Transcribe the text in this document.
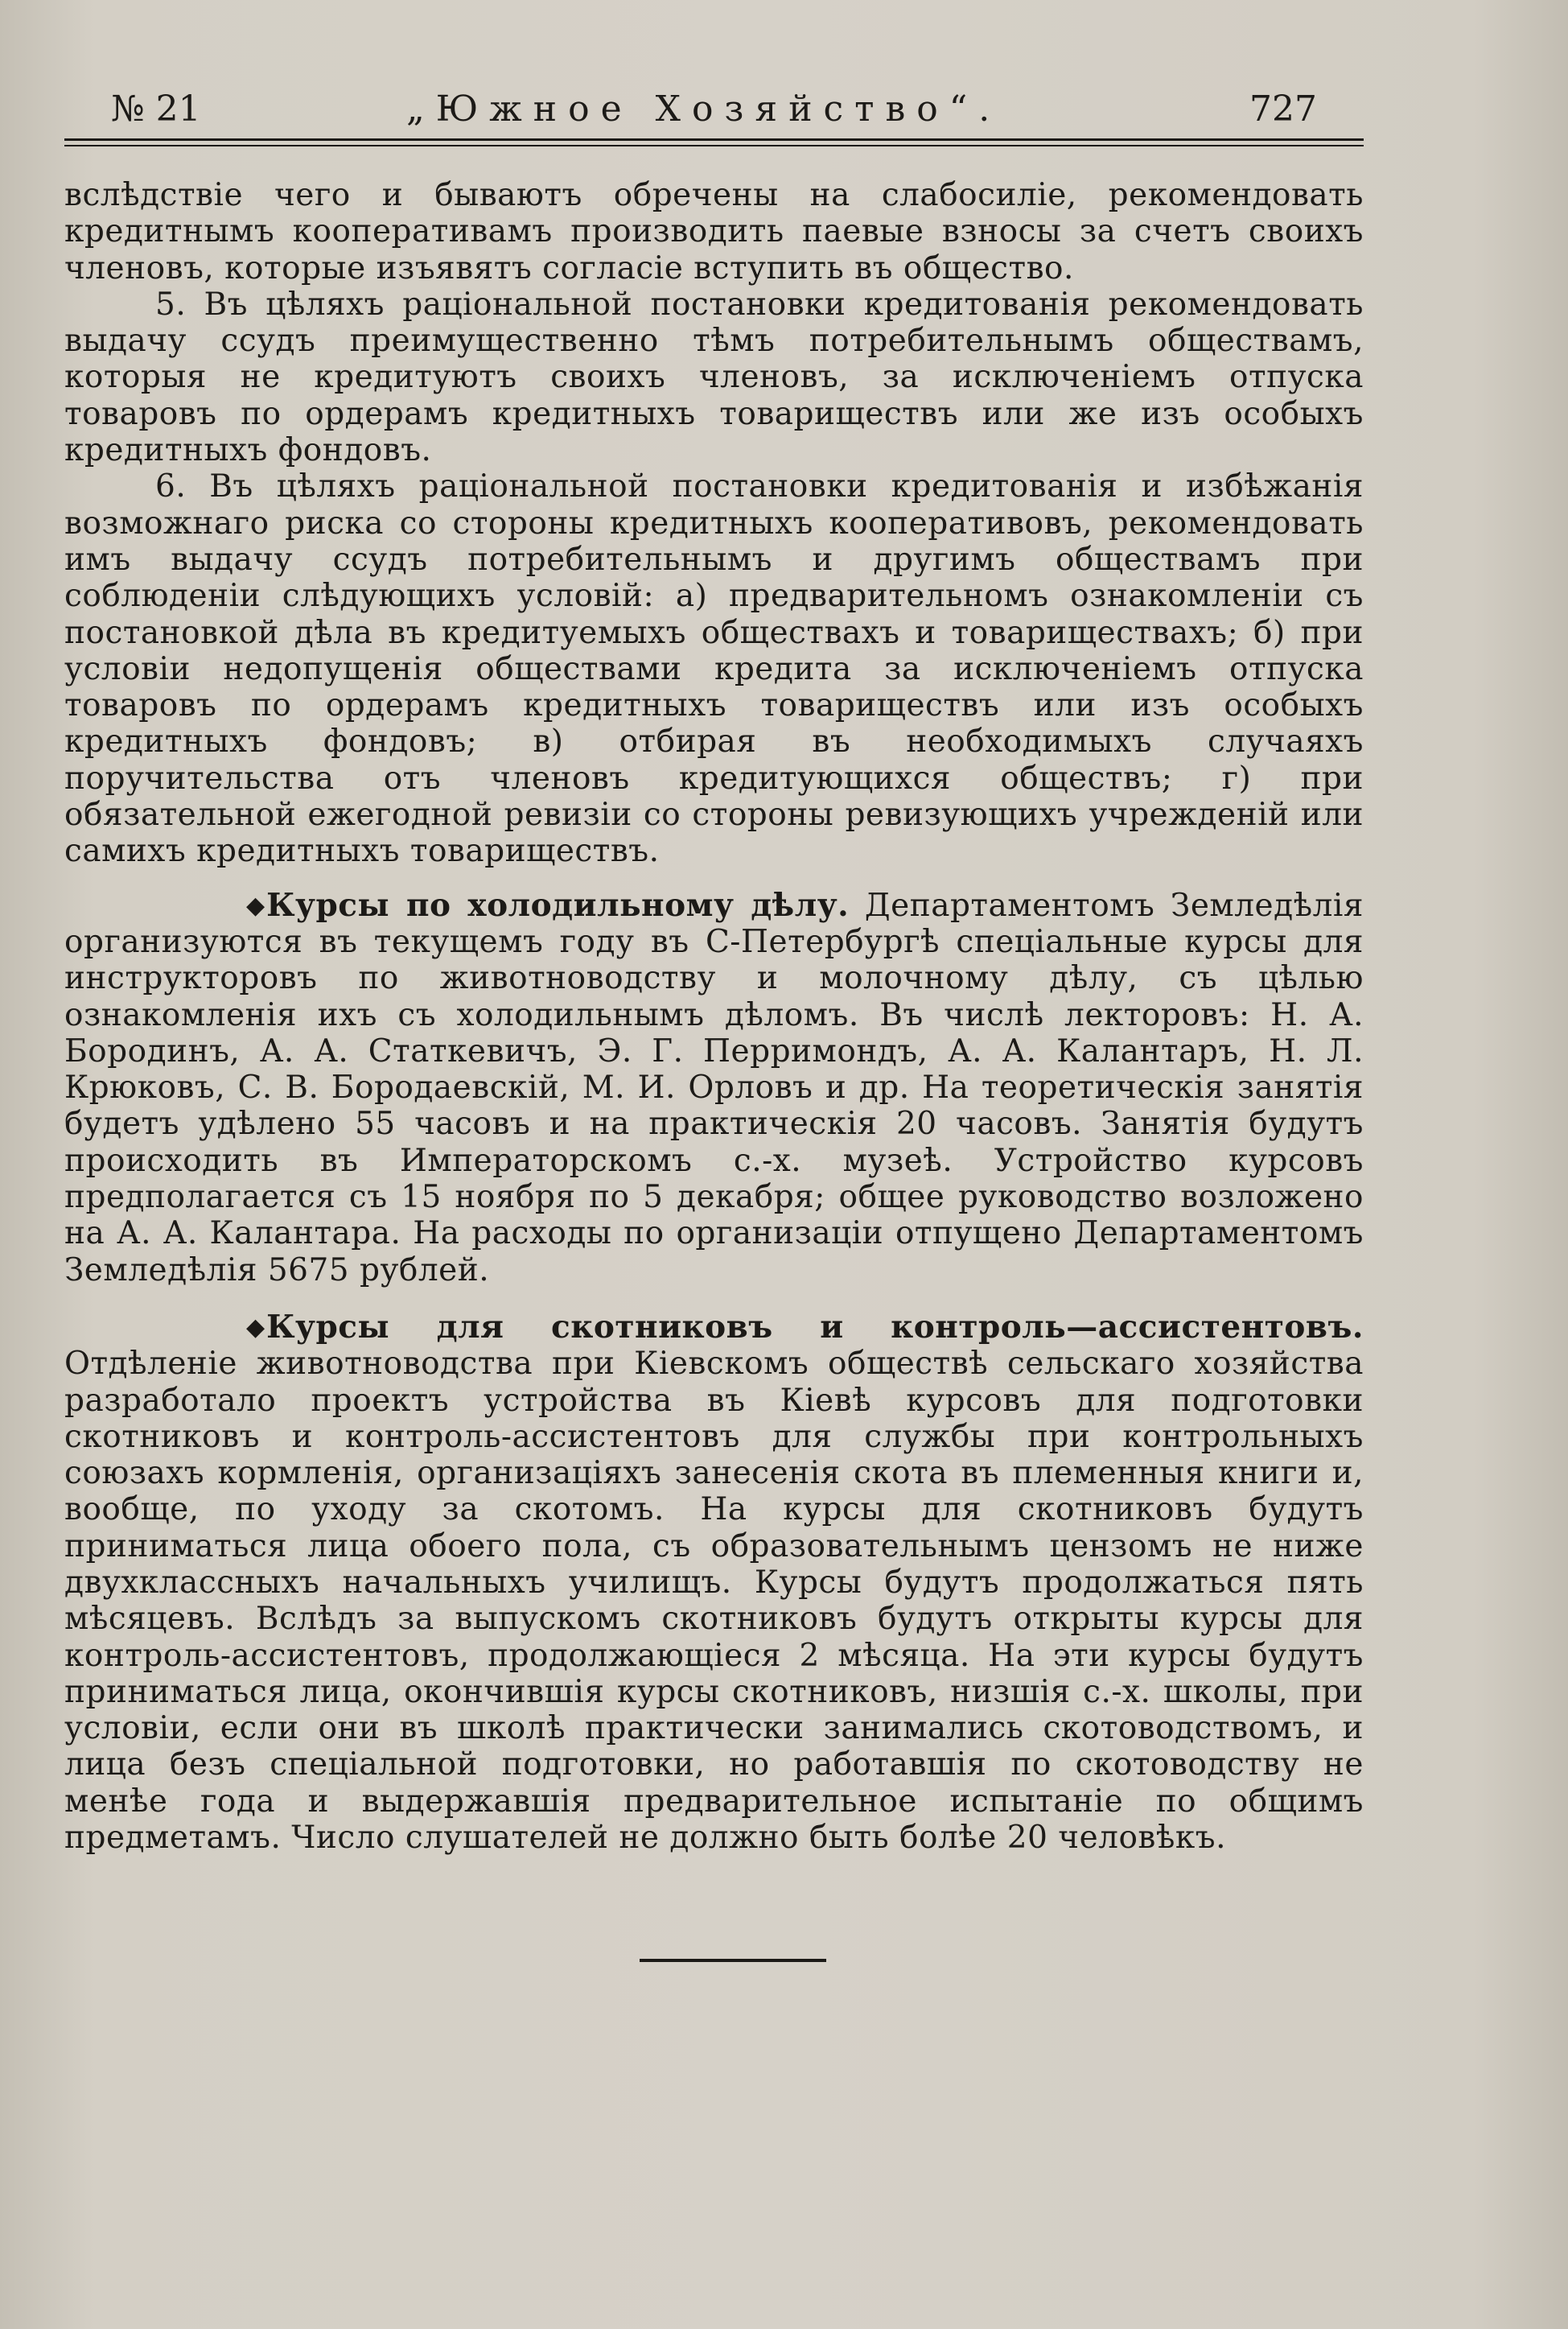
№ 21	„Южное Хозяйство“.	727

вслѣдствіе чего и бываютъ обречены на слабосиліе, рекомендовать кредитнымъ кооперативамъ производить паевые взносы за счетъ своихъ членовъ, которые изъявятъ согласіе вступить въ общество.

5. Въ цѣляхъ раціональной постановки кредитованія рекомендовать выдачу ссудъ преимущественно тѣмъ потребительнымъ обществамъ, которыя не кредитуютъ своихъ членовъ, за исключеніемъ отпуска товаровъ по ордерамъ кредитныхъ товариществъ или же изъ особыхъ кредитныхъ фондовъ.

6. Въ цѣляхъ раціональной постановки кредитованія и избѣжанія возможнаго риска со стороны кредитныхъ кооперативовъ, рекомендовать имъ выдачу ссудъ потребительнымъ и другимъ обществамъ при соблюденіи слѣдующихъ условій: а) предварительномъ ознакомленіи съ постановкой дѣла въ кредитуемыхъ обществахъ и товариществахъ; б) при условіи недопущенія обществами кредита за исключеніемъ отпуска товаровъ по ордерамъ кредитныхъ товариществъ или изъ особыхъ кредитныхъ фондовъ; в) отбирая въ необходимыхъ случаяхъ поручительства отъ членовъ кредитующихся обществъ; г) при обязательной ежегодной ревизіи со стороны ревизующихъ учрежденій или самихъ кредитныхъ товариществъ.

◆ Курсы по холодильному дѣлу. Департаментомъ Земледѣлія организуются въ текущемъ году въ С-Петербургѣ спеціальные курсы для инструкторовъ по животноводству и молочному дѣлу, съ цѣлью ознакомленія ихъ съ холодильнымъ дѣломъ. Въ числѣ лекторовъ: Н. А. Бородинъ, А. А. Статкевичъ, Э. Г. Перримондъ, А. А. Калантаръ, Н. Л. Крюковъ, С. В. Бородаевскій, М. И. Орловъ и др. На теоретическія занятія будетъ удѣлено 55 часовъ и на практическія 20 часовъ. Занятія будутъ происходить въ Императорскомъ с.-х. музеѣ. Устройство курсовъ предполагается съ 15 ноября по 5 декабря; общее руководство возложено на А. А. Калантара. На расходы по организаціи отпущено Департаментомъ Земледѣлія 5675 рублей.

◆ Курсы для скотниковъ и контроль—ассистентовъ. Отдѣленіе животноводства при Кіевскомъ обществѣ сельскаго хозяйства разработало проектъ устройства въ Кіевѣ курсовъ для подготовки скотниковъ и контроль-ассистентовъ для службы при контрольныхъ союзахъ кормленія, организаціяхъ занесенія скота въ племенныя книги и, вообще, по уходу за скотомъ. На курсы для скотниковъ будутъ приниматься лица обоего пола, съ образовательнымъ цензомъ не ниже двухклассныхъ начальныхъ училищъ. Курсы будутъ продолжаться пять мѣсяцевъ. Вслѣдъ за выпускомъ скотниковъ будутъ открыты курсы для контроль-ассистентовъ, продолжающіеся 2 мѣсяца. На эти курсы будутъ приниматься лица, окончившія курсы скотниковъ, низшія с.-х. школы, при условіи, если они въ школѣ практически занимались скотоводствомъ, и лица безъ спеціальной подготовки, но работавшія по скотоводству не менѣе года и выдержавшія предварительное испытаніе по общимъ предметамъ. Число слушателей не должно быть болѣе 20 человѣкъ.
